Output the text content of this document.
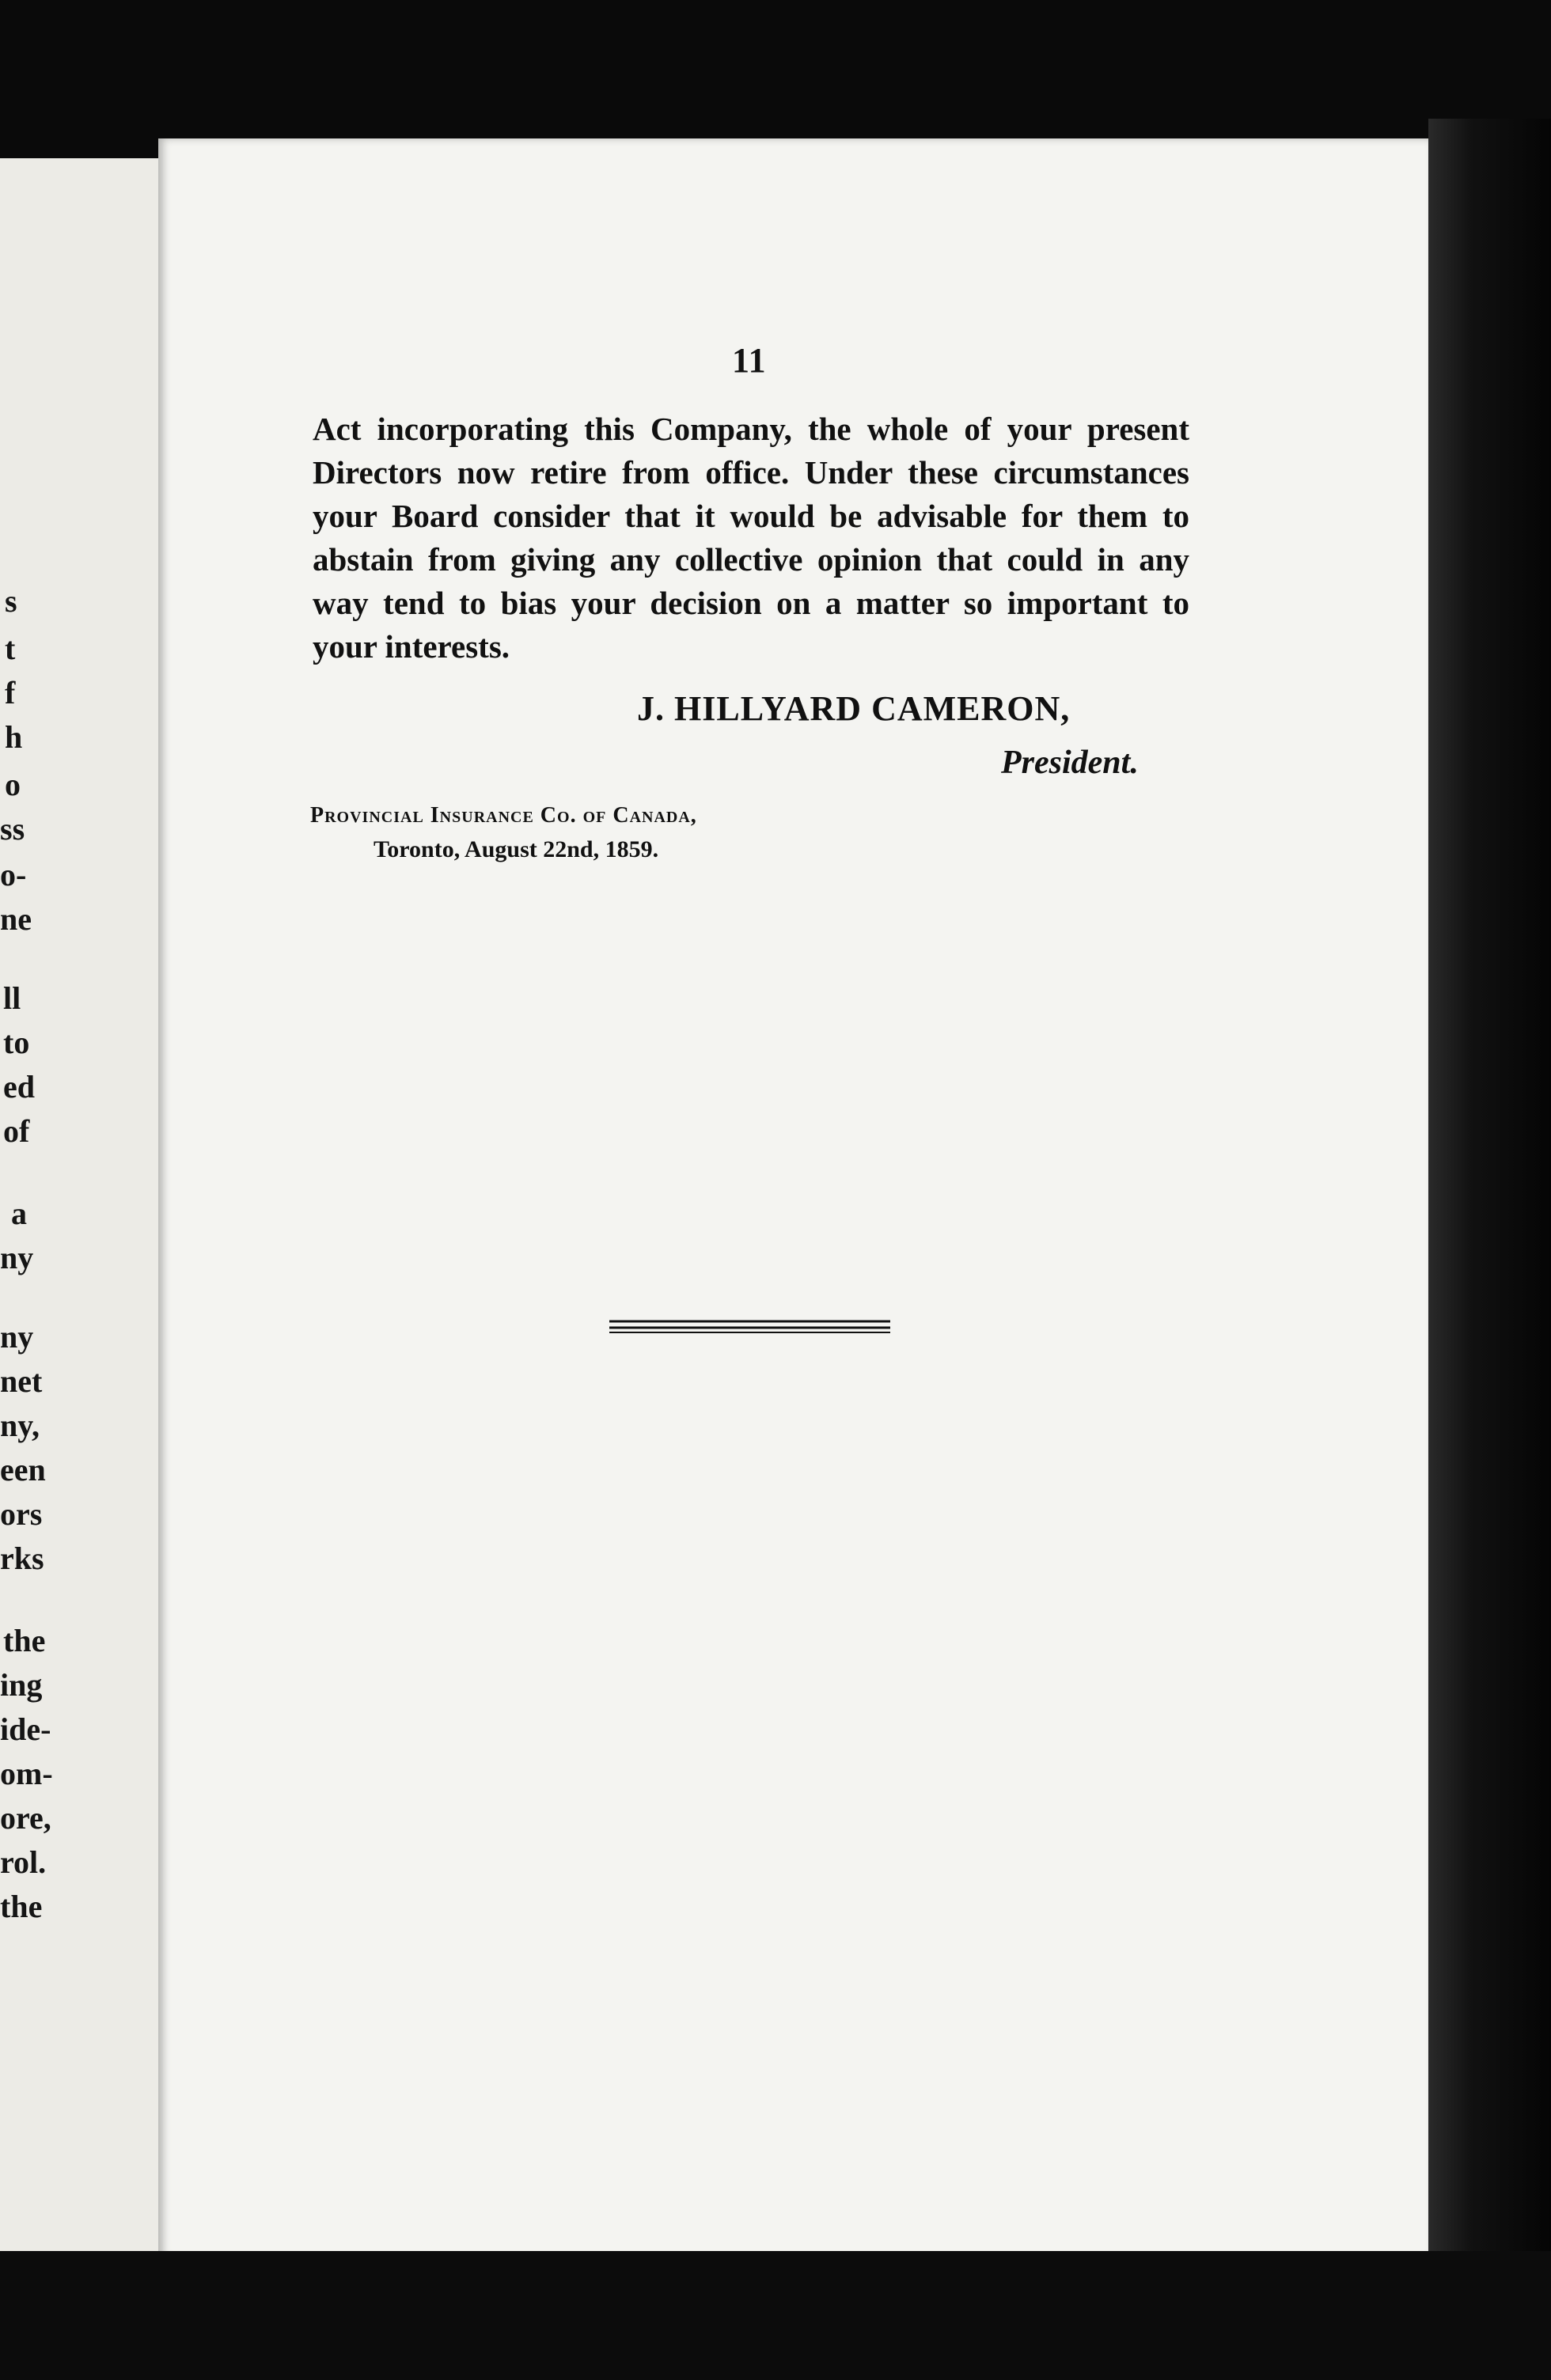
s
t
f
h
o
ss
o-
ne
ll
to
ed
of
a
ny
ny
net
ny,
een
ors
rks
the
ing
ide-
om-
ore,
rol.
the
11
Act incorporating this Company, the whole of your present
Directors now retire from office. Under these circumstances
your Board consider that it would be advisable for them to
abstain from giving any collective opinion that could in any
way tend to bias your decision on a matter so important to
your interests.
J. HILLYARD CAMERON,
President.
Provincial Insurance Co. of Canada,
Toronto, August 22nd, 1859.
